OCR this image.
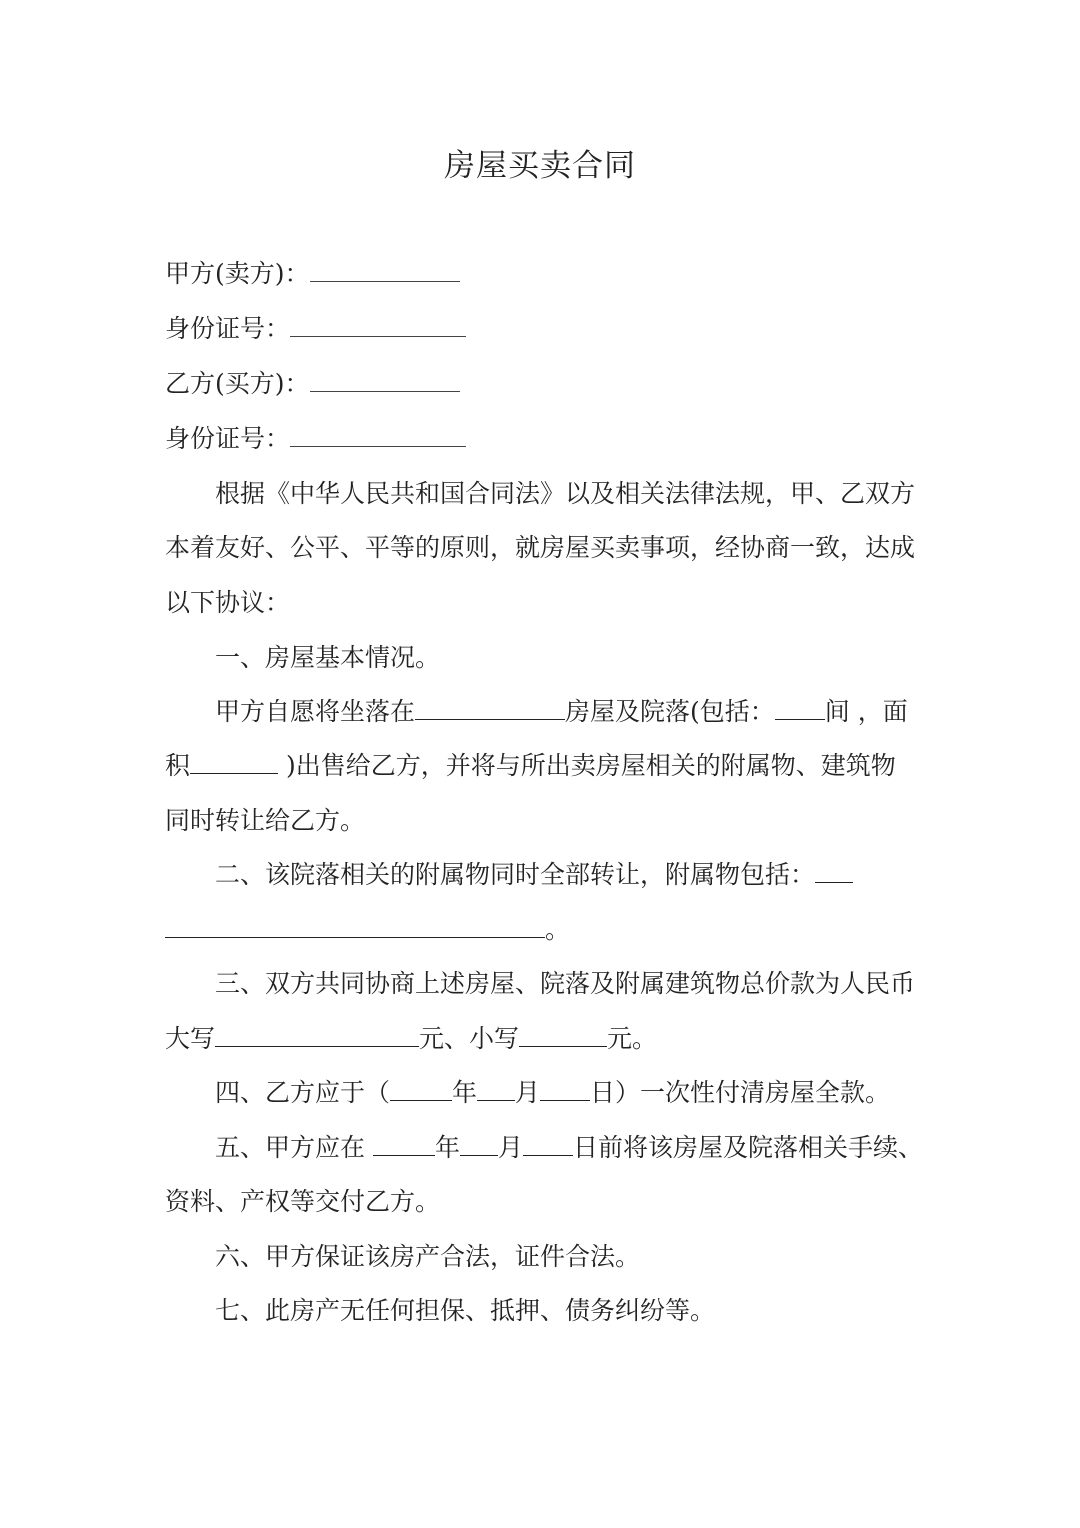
房屋买卖合同
甲方(卖方)：
身份证号：
乙方(买方)：
身份证号：
根据《中华人民共和国合同法》以及相关法律法规，甲、乙双方
本着友好、公平、平等的原则，就房屋买卖事项，经协商一致，达成
以下协议：
一、房屋基本情况。
甲方自愿将坐落在	房屋及院落(包括： 间 ，面
积	)出售给乙方，并将与所出卖房屋相关的附属物、建筑物
同时转让给乙方。
二、该院落相关的附属物同时全部转让，附属物包括：
。
三、双方共同协商上述房屋、院落及附属建筑物总价款为人民币
大写	元、小写	元。
四、乙方应于（ 年 月 日）一次性付清房屋全款。
五、甲方应在 年 月 日前将该房屋及院落相关手续、
资料、产权等交付乙方。
六、甲方保证该房产合法，证件合法。
七、此房产无任何担保、抵押、债务纠纷等。
